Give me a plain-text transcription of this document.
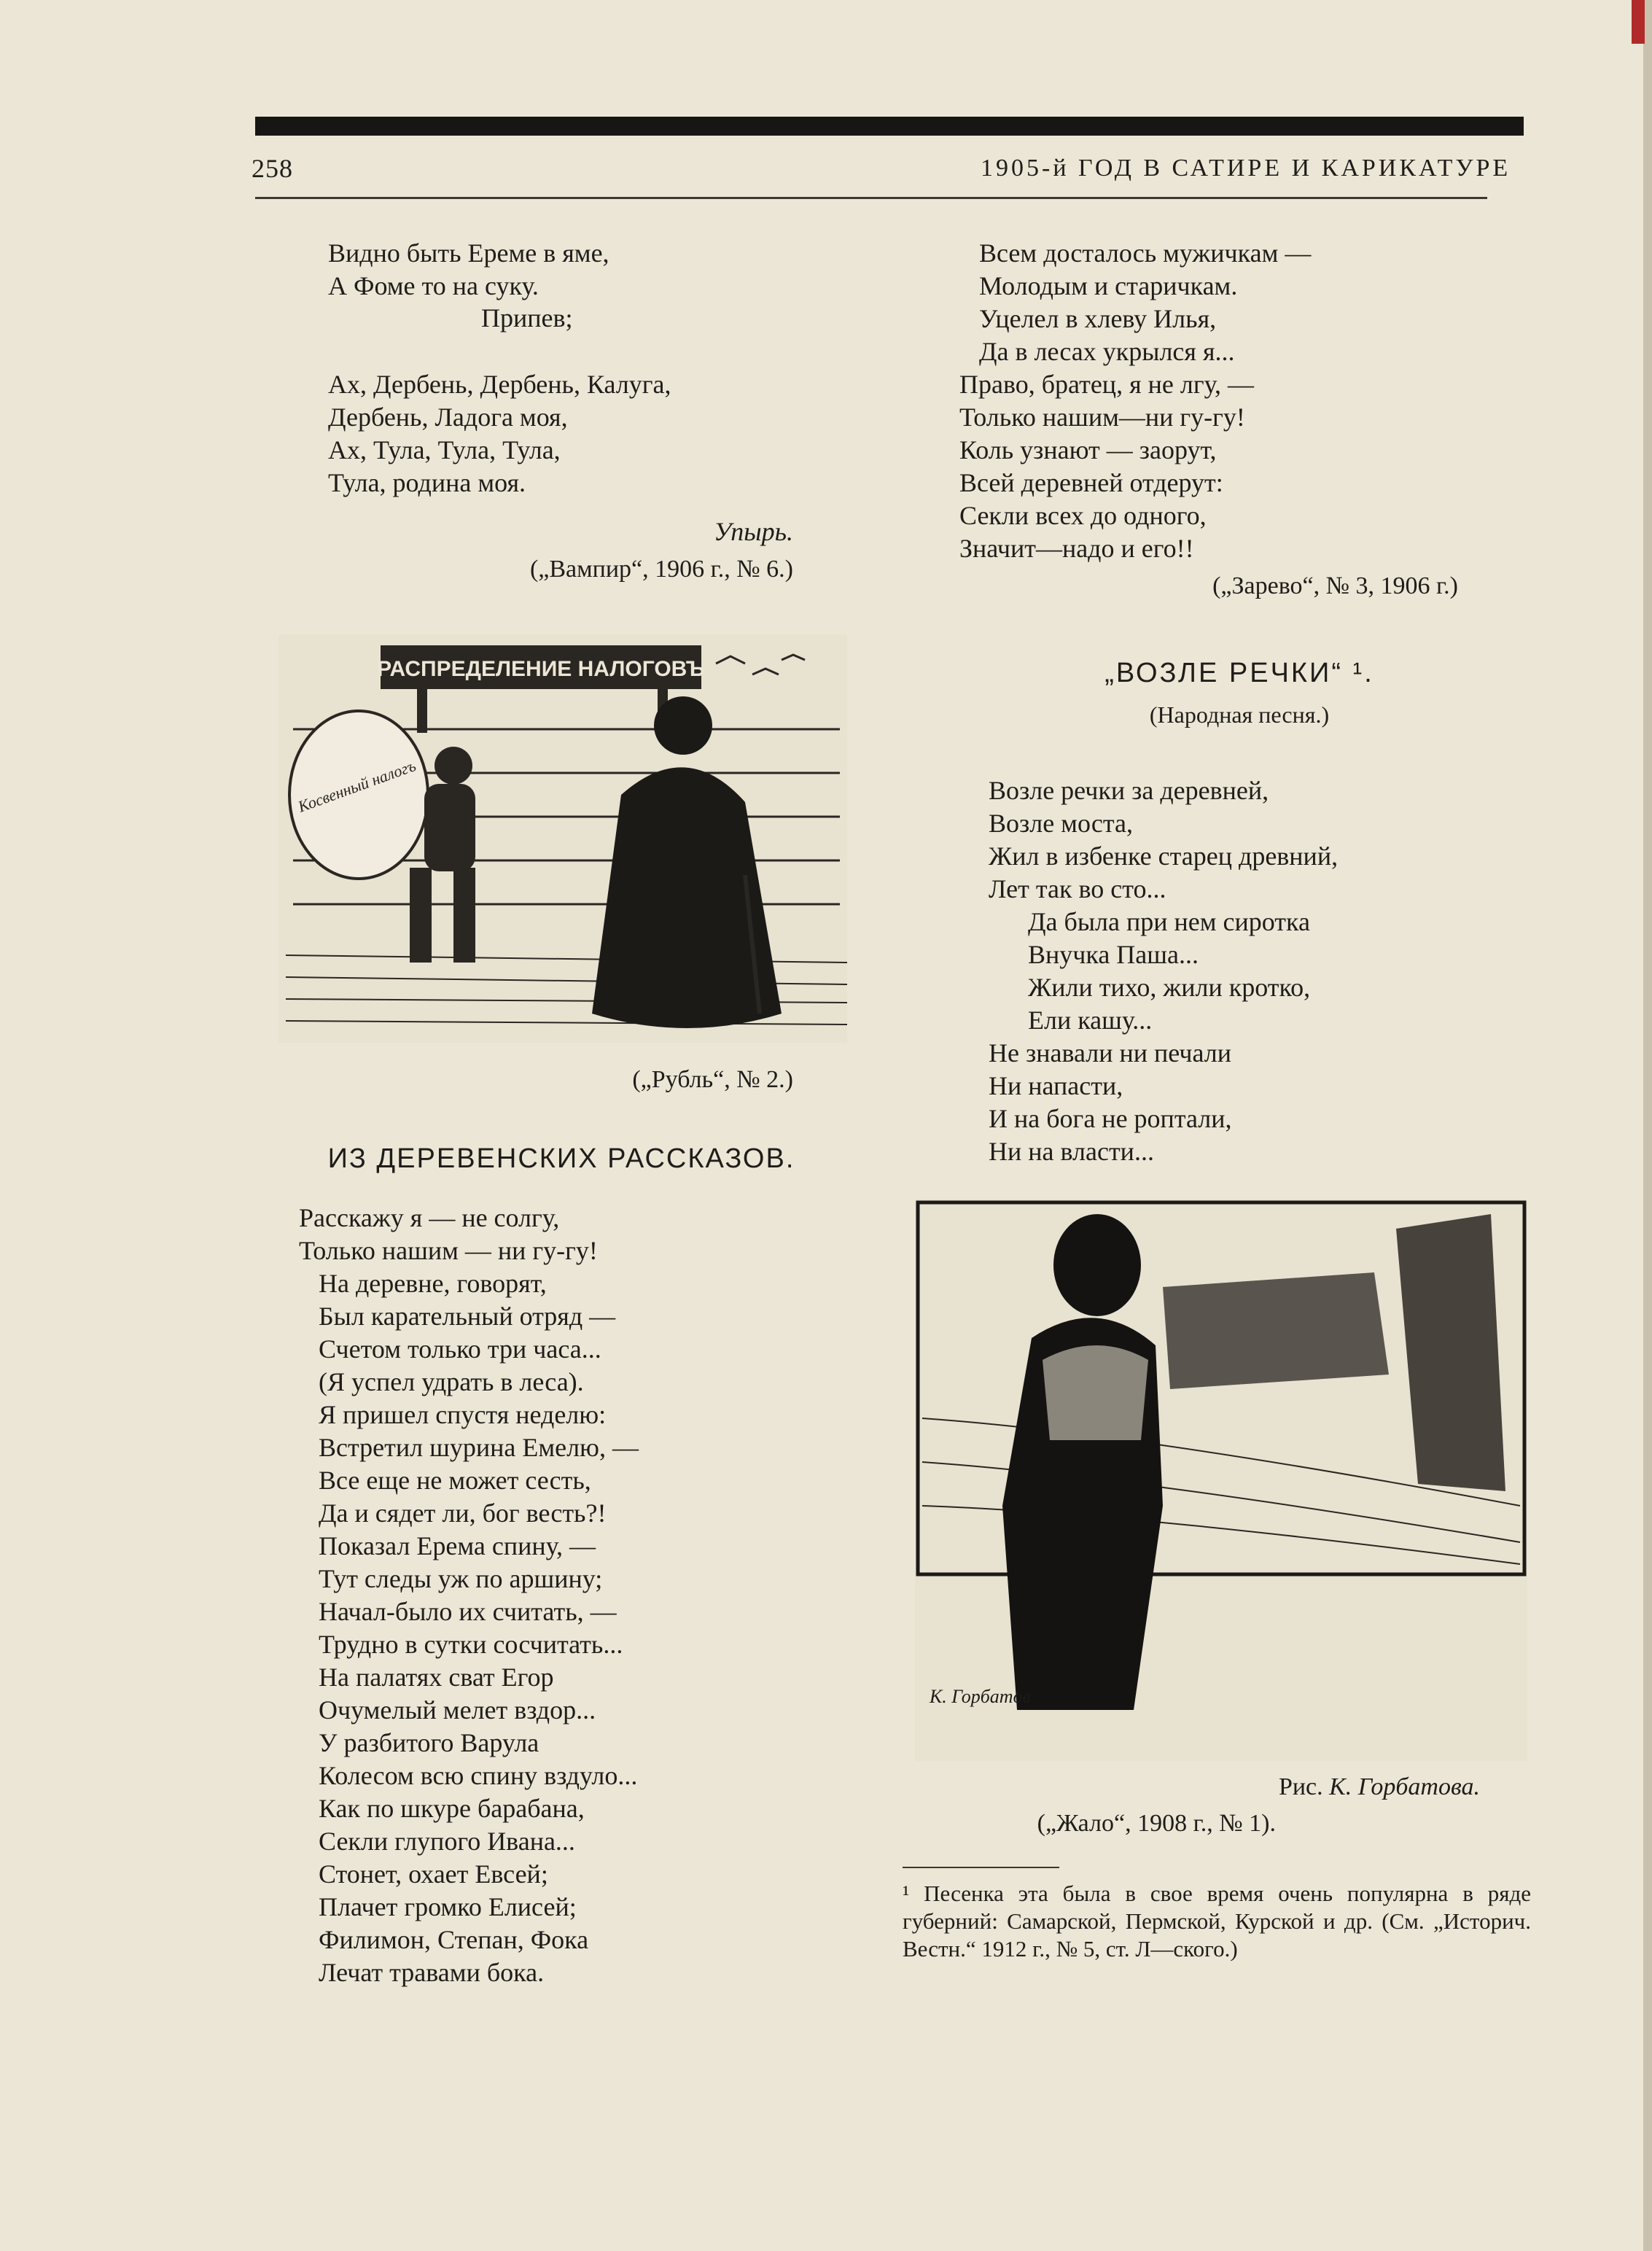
258	1905-й ГОД В САТИРЕ И КАРИКАТУРЕ
Видно быть Ереме в яме,
А Фоме то на суку.
Припев;
Ах, Дербень, Дербень, Калуга,
Дербень, Ладога моя,
Ах, Тула, Тула, Тула,
Тула, родина моя.
Упырь.
(„Вампир“, 1906 г., № 6.)
РАСПРЕДЕЛЕНИЕ НАЛОГОВЪ
Косвенный налогъ
(„Рубль“, № 2.)
ИЗ ДЕРЕВЕНСКИХ РАССКАЗОВ.
Расскажу я — не солгу,
Только нашим — ни гу-гу!
На деревне, говорят,
Был карательный отряд —
Счетом только три часа...
(Я успел удрать в леса).
Я пришел спустя неделю:
Встретил шурина Емелю, —
Все еще не может сесть,
Да и сядет ли, бог весть?!
Показал Ерема спину, —
Тут следы уж по аршину;
Начал-было их считать, —
Трудно в сутки сосчитать...
На палатях сват Егор
Очумелый мелет вздор...
У разбитого Варула
Колесом всю спину вздуло...
Как по шкуре барабана,
Секли глупого Ивана...
Стонет, охает Евсей;
Плачет громко Елисей;
Филимон, Степан, Фока
Лечат травами бока.
Всем досталось мужичкам —
Молодым и старичкам.
Уцелел в хлеву Илья,
Да в лесах укрылся я...
Право, братец, я не лгу, —
Только нашим—ни гу-гу!
Коль узнают — заорут,
Всей деревней отдерут:
Секли всех до одного,
Значит—надо и его!!
(„Зарево“, № 3, 1906 г.)
„ВОЗЛЕ РЕЧКИ“ ¹.
(Народная песня.)
Возле речки за деревней,
Возле моста,
Жил в избенке старец древний,
Лет так во сто...
Да была при нем сиротка
Внучка Паша...
Жили тихо, жили кротко,
Ели кашу...
Не знавали ни печали
Ни напасти,
И на бога не роптали,
Ни на власти...
К. Горбатов
Рис. К. Горбатова.
(„Жало“, 1908 г., № 1).
¹ Песенка эта была в свое время очень популярна в ряде губерний: Самарской, Пермской, Курской и др. (См. „Историч. Вестн.“ 1912 г., № 5, ст. Л—ского.)
